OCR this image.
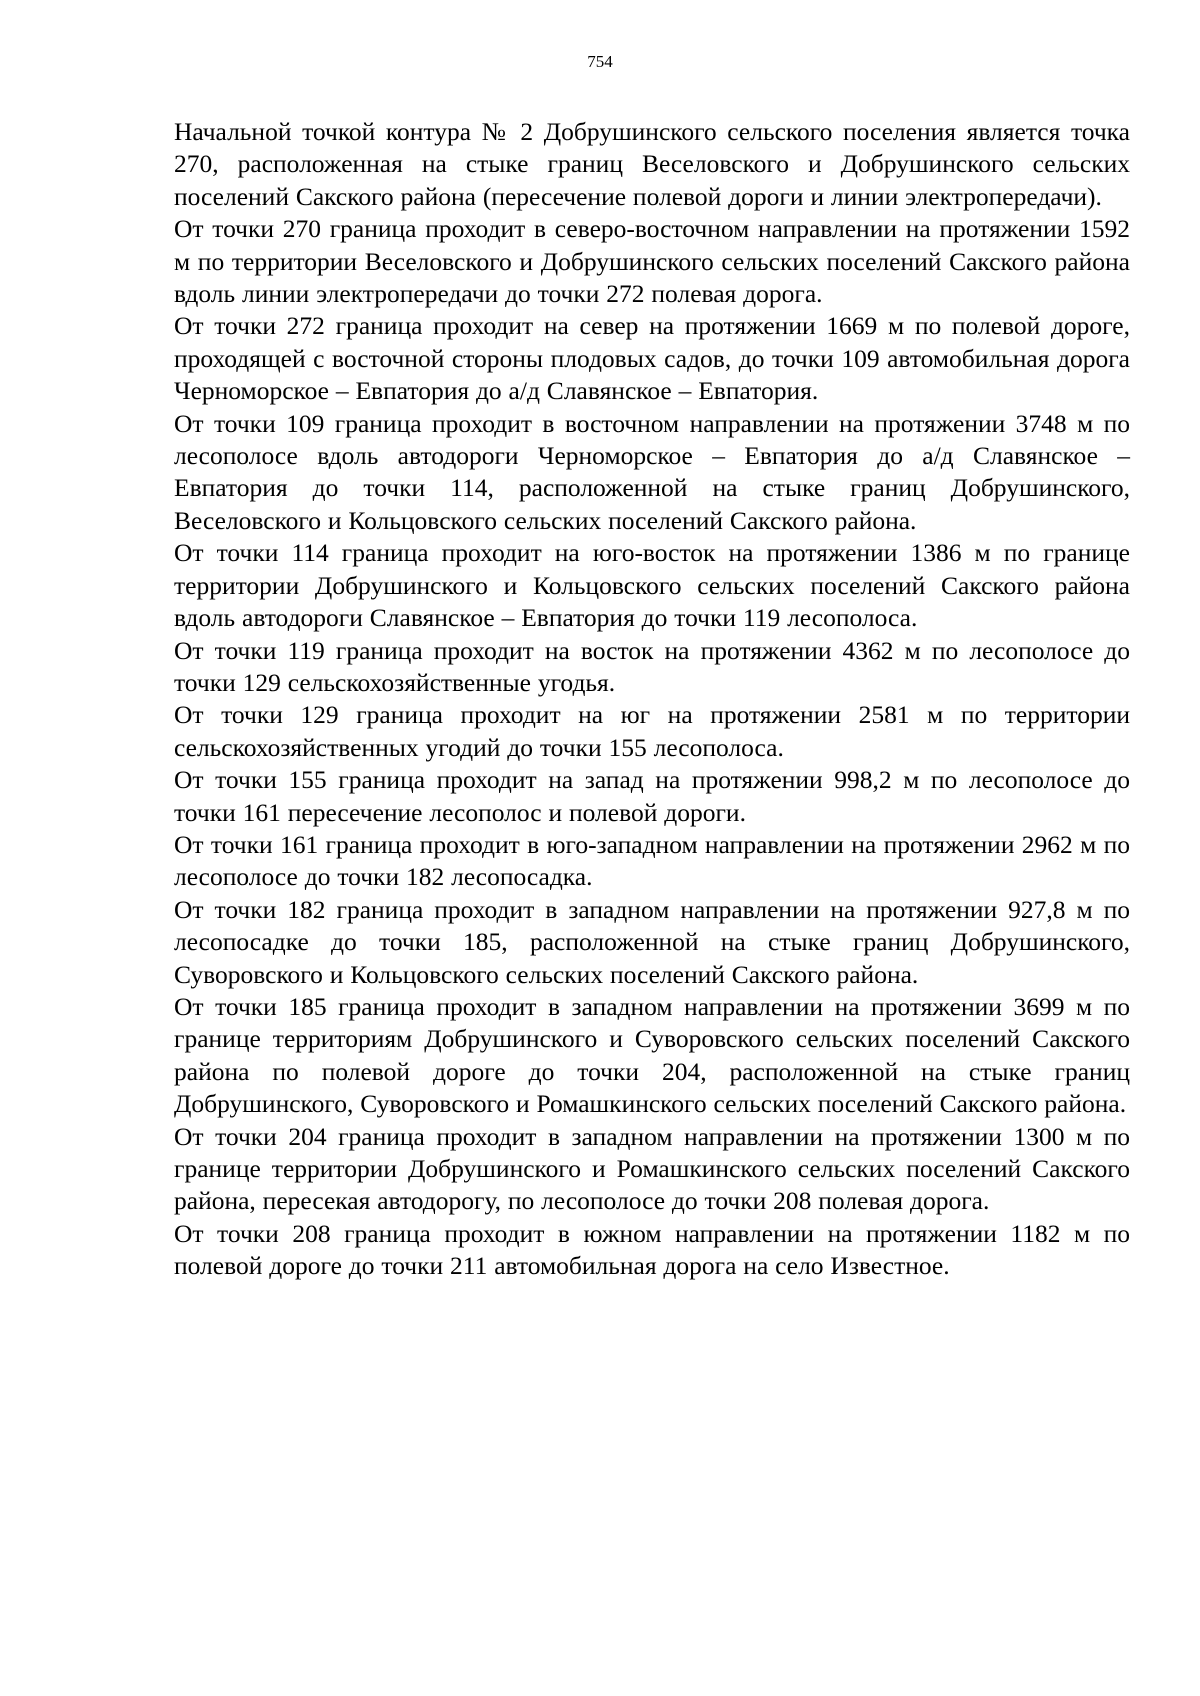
754

Начальной точкой контура № 2 Добрушинского сельского поселения является точка 270, расположенная на стыке границ Веселовского и Добрушинского сельских поселений Сакского района (пересечение полевой дороги и линии электропередачи).

От точки 270 граница проходит в северо-восточном направлении на протяжении 1592 м по территории Веселовского и Добрушинского сельских поселений Сакского района вдоль линии электропередачи до точки 272 полевая дорога.

От точки 272 граница проходит на север на протяжении 1669 м по полевой дороге, проходящей с восточной стороны плодовых садов, до точки 109 автомобильная дорога Черноморское – Евпатория до а/д Славянское – Евпатория.

От точки 109 граница проходит в восточном направлении на протяжении 3748 м по лесополосе вдоль автодороги Черноморское – Евпатория до а/д Славянское – Евпатория до точки 114, расположенной на стыке границ Добрушинского, Веселовского и Кольцовского сельских поселений Сакского района.

От точки 114 граница проходит на юго-восток на протяжении 1386 м по границе территории Добрушинского и Кольцовского сельских поселений Сакского района вдоль автодороги Славянское – Евпатория до точки 119 лесополоса.

От точки 119 граница проходит на восток на протяжении 4362 м по лесополосе до точки 129 сельскохозяйственные угодья.

От точки 129 граница проходит на юг на протяжении 2581 м по территории сельскохозяйственных угодий до точки 155 лесополоса.

От точки 155 граница проходит на запад на протяжении 998,2 м по лесополосе до точки 161 пересечение лесополос и полевой дороги.

От точки 161 граница проходит в юго-западном направлении на протяжении 2962 м по лесополосе до точки 182 лесопосадка.

От точки 182 граница проходит в западном направлении на протяжении 927,8 м по лесопосадке до точки 185, расположенной на стыке границ Добрушинского, Суворовского и Кольцовского сельских поселений Сакского района.

От точки 185 граница проходит в западном направлении на протяжении 3699 м по границе территориям Добрушинского и Суворовского сельских поселений Сакского района по полевой дороге до точки 204, расположенной на стыке границ Добрушинского, Суворовского и Ромашкинского сельских поселений Сакского района.

От точки 204 граница проходит в западном направлении на протяжении 1300 м по границе территории Добрушинского и Ромашкинского сельских поселений Сакского района, пересекая автодорогу, по лесополосе до точки 208 полевая дорога.

От точки 208 граница проходит в южном направлении на протяжении 1182 м по полевой дороге до точки 211 автомобильная дорога на село Известное.
